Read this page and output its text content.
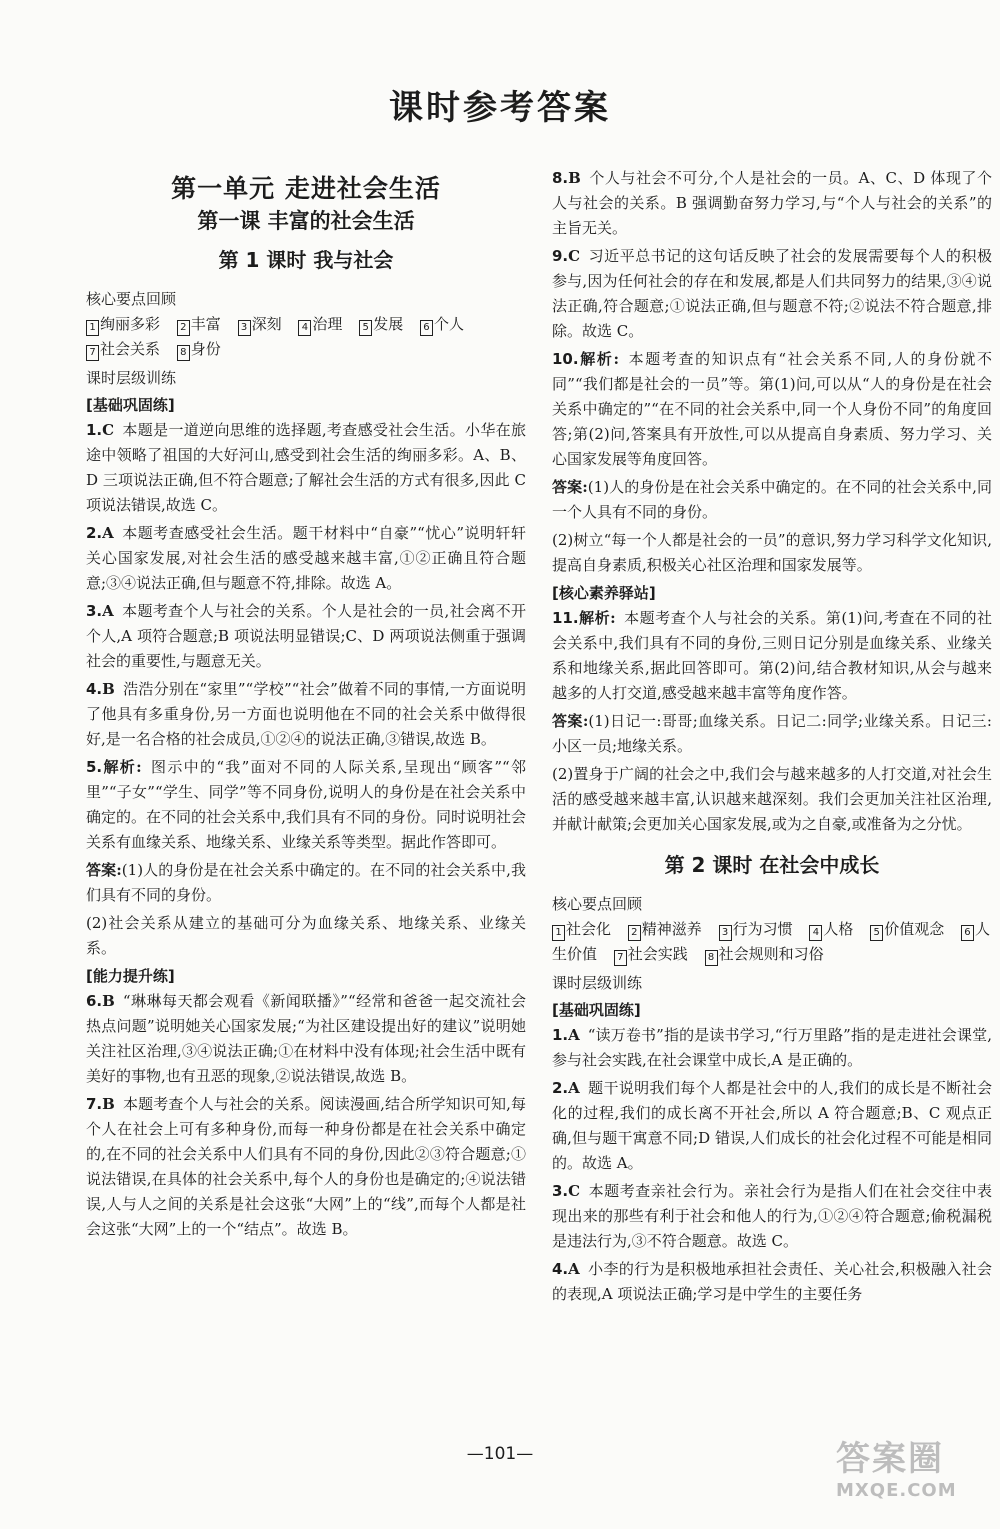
课时参考答案
第一单元 走进社会生活
第一课 丰富的社会生活
第 1 课时 我与社会
核心要点回顾
1 绚丽多彩 2 丰富 3 深刻 4 治理 5 发展 6 个人
7 社会关系 8 身份
课时层级训练
[基础巩固练]

1.C 本题是一道逆向思维的选择题,考查感受社会生活。小华在旅途中领略了祖国的大好河山,感受到社会生活的绚丽多彩。A、B、D 三项说法正确,但不符合题意;了解社会生活的方式有很多,因此 C 项说法错误,故选 C。

2.A 本题考查感受社会生活。题干材料中“自豪”“忧心”说明轩轩关心国家发展,对社会生活的感受越来越丰富,①②正确且符合题意;③④说法正确,但与题意不符,排除。故选 A。

3.A 本题考查个人与社会的关系。个人是社会的一员,社会离不开个人,A 项符合题意;B 项说法明显错误;C、D 两项说法侧重于强调社会的重要性,与题意无关。

4.B 浩浩分别在“家里”“学校”“社会”做着不同的事情,一方面说明了他具有多重身份,另一方面也说明他在不同的社会关系中做得很好,是一名合格的社会成员,①②④的说法正确,③错误,故选 B。

5.解析: 图示中的“我”面对不同的人际关系,呈现出“顾客”“邻里”“子女”“学生、同学”等不同身份,说明人的身份是在社会关系中确定的。在不同的社会关系中,我们具有不同的身份。同时说明社会关系有血缘关系、地缘关系、业缘关系等类型。据此作答即可。

答案:(1)人的身份是在社会关系中确定的。在不同的社会关系中,我们具有不同的身份。

(2)社会关系从建立的基础可分为血缘关系、地缘关系、业缘关系。

[能力提升练]

6.B “琳琳每天都会观看《新闻联播》”“经常和爸爸一起交流社会热点问题”说明她关心国家发展;“为社区建设提出好的建议”说明她关注社区治理,③④说法正确;①在材料中没有体现;社会生活中既有美好的事物,也有丑恶的现象,②说法错误,故选 B。

7.B 本题考查个人与社会的关系。阅读漫画,结合所学知识可知,每个人在社会上可有多种身份,而每一种身份都是在社会关系中确定的,在不同的社会关系中人们具有不同的身份,因此②③符合题意;①说法错误,在具体的社会关系中,每个人的身份也是确定的;④说法错误,人与人之间的关系是社会这张“大网”上的“线”,而每个人都是社会这张“大网”上的一个“结点”。故选 B。

8.B 个人与社会不可分,个人是社会的一员。A、C、D 体现了个人与社会的关系。B 强调勤奋努力学习,与“个人与社会的关系”的主旨无关。

9.C 习近平总书记的这句话反映了社会的发展需要每个人的积极参与,因为任何社会的存在和发展,都是人们共同努力的结果,③④说法正确,符合题意;①说法正确,但与题意不符;②说法不符合题意,排除。故选 C。

10.解析: 本题考查的知识点有“社会关系不同,人的身份就不同”“我们都是社会的一员”等。第(1)问,可以从“人的身份是在社会关系中确定的”“在不同的社会关系中,同一个人身份不同”的角度回答;第(2)问,答案具有开放性,可以从提高自身素质、努力学习、关心国家发展等角度回答。

答案:(1)人的身份是在社会关系中确定的。在不同的社会关系中,同一个人具有不同的身份。

(2)树立“每一个人都是社会的一员”的意识,努力学习科学文化知识,提高自身素质,积极关心社区治理和国家发展等。

[核心素养驿站]

11.解析: 本题考查个人与社会的关系。第(1)问,考查在不同的社会关系中,我们具有不同的身份,三则日记分别是血缘关系、业缘关系和地缘关系,据此回答即可。第(2)问,结合教材知识,从会与越来越多的人打交道,感受越来越丰富等角度作答。

答案:(1)日记一:哥哥;血缘关系。日记二:同学;业缘关系。日记三:小区一员;地缘关系。

(2)置身于广阔的社会之中,我们会与越来越多的人打交道,对社会生活的感受越来越丰富,认识越来越深刻。我们会更加关注社区治理,并献计献策;会更加关心国家发展,或为之自豪,或准备为之分忧。

第 2 课时 在社会中成长
核心要点回顾
1 社会化 2 精神滋养 3 行为习惯 4 人格 5 价值观念 6 人生价值 7 社会实践 8 社会规则和习俗
课时层级训练
[基础巩固练]

1.A “读万卷书”指的是读书学习,“行万里路”指的是走进社会课堂,参与社会实践,在社会课堂中成长,A 是正确的。

2.A 题干说明我们每个人都是社会中的人,我们的成长是不断社会化的过程,我们的成长离不开社会,所以 A 符合题意;B、C 观点正确,但与题干寓意不同;D 错误,人们成长的社会化过程不可能是相同的。故选 A。

3.C 本题考查亲社会行为。亲社会行为是指人们在社会交往中表现出来的那些有利于社会和他人的行为,①②④符合题意;偷税漏税是违法行为,③不符合题意。故选 C。

4.A 小李的行为是积极地承担社会责任、关心社会,积极融入社会的表现,A 项说法正确;学习是中学生的主要任务

—101—	答案圈
MXQE.COM
